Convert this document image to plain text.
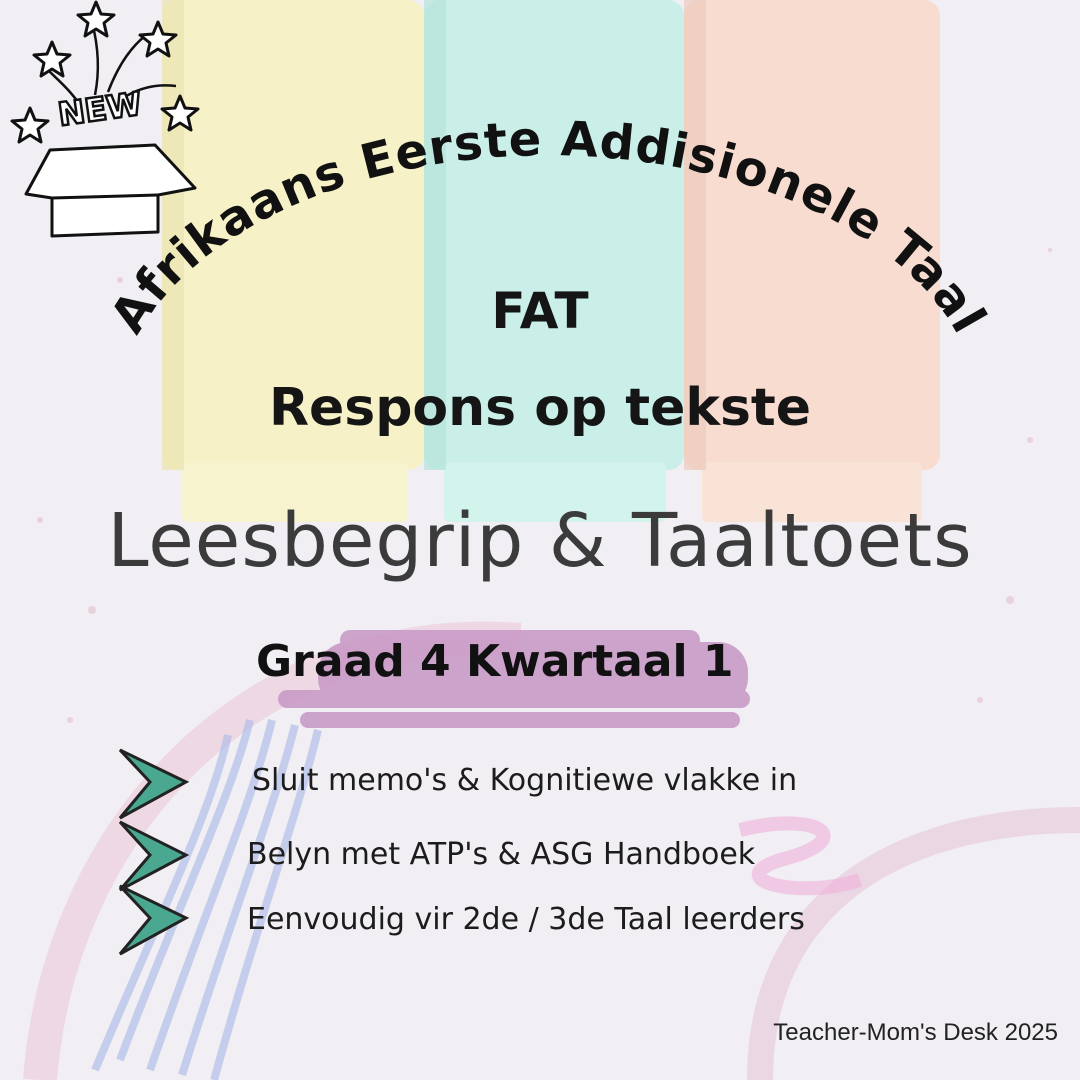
NEW
Afrikaans Eerste Addisionele Taal
FAT
Respons op tekste
Leesbegrip & Taaltoets
Graad 4 Kwartaal 1
Sluit memo's & Kognitiewe vlakke in
Belyn met ATP's & ASG Handboek
Eenvoudig vir 2de / 3de Taal leerders
Teacher-Mom's Desk 2025
